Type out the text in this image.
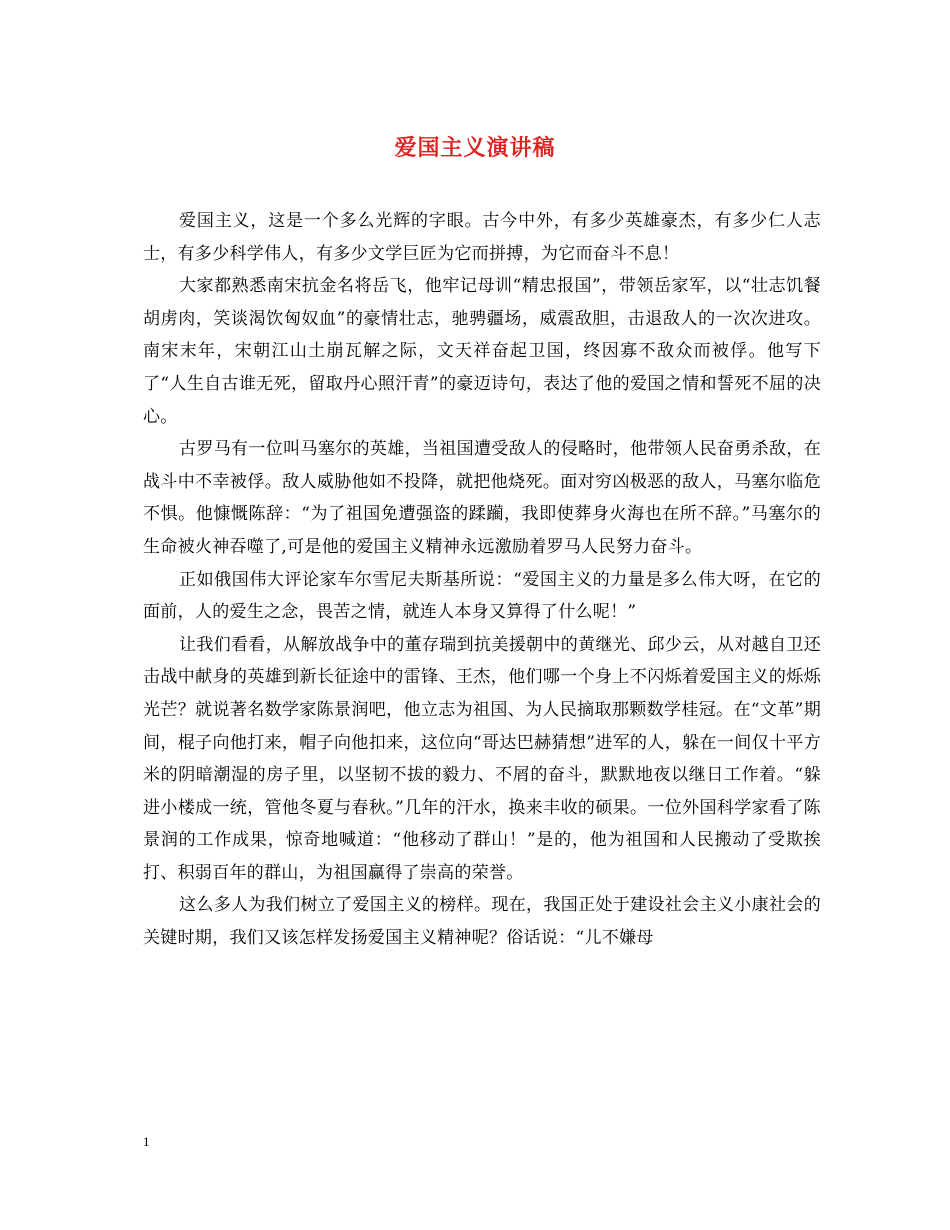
爱国主义演讲稿

爱国主义，这是一个多么光辉的字眼。古今中外，有多少英雄豪杰，有多少仁人志士，有多少科学伟人，有多少文学巨匠为它而拼搏，为它而奋斗不息！

大家都熟悉南宋抗金名将岳飞，他牢记母训“精忠报国”，带领岳家军，以“壮志饥餐胡虏肉，笑谈渴饮匈奴血”的豪情壮志，驰骋疆场，威震敌胆，击退敌人的一次次进攻。南宋末年，宋朝江山土崩瓦解之际，文天祥奋起卫国，终因寡不敌众而被俘。他写下了“人生自古谁无死，留取丹心照汗青”的豪迈诗句，表达了他的爱国之情和誓死不屈的决心。

古罗马有一位叫马塞尔的英雄，当祖国遭受敌人的侵略时，他带领人民奋勇杀敌，在战斗中不幸被俘。敌人威胁他如不投降，就把他烧死。面对穷凶极恶的敌人，马塞尔临危不惧。他慷慨陈辞：“为了祖国免遭强盗的蹂躏，我即使葬身火海也在所不辞。”马塞尔的生命被火神吞噬了,可是他的爱国主义精神永远激励着罗马人民努力奋斗。

正如俄国伟大评论家车尔雪尼夫斯基所说：“爱国主义的力量是多么伟大呀，在它的面前，人的爱生之念，畏苦之情，就连人本身又算得了什么呢！”

让我们看看，从解放战争中的董存瑞到抗美援朝中的黄继光、邱少云，从对越自卫还击战中献身的英雄到新长征途中的雷锋、王杰，他们哪一个身上不闪烁着爱国主义的烁烁光芒？就说著名数学家陈景润吧，他立志为祖国、为人民摘取那颗数学桂冠。在“文革”期间，棍子向他打来，帽子向他扣来，这位向“哥达巴赫猜想”进军的人，躲在一间仅十平方米的阴暗潮湿的房子里，以坚韧不拔的毅力、不屑的奋斗，默默地夜以继日工作着。“躲进小楼成一统，管他冬夏与春秋。”几年的汗水，换来丰收的硕果。一位外国科学家看了陈景润的工作成果，惊奇地喊道：“他移动了群山！”是的，他为祖国和人民搬动了受欺挨打、积弱百年的群山，为祖国赢得了崇高的荣誉。

这么多人为我们树立了爱国主义的榜样。现在，我国正处于建设社会主义小康社会的关键时期，我们又该怎样发扬爱国主义精神呢？俗话说：“儿不嫌母

1
